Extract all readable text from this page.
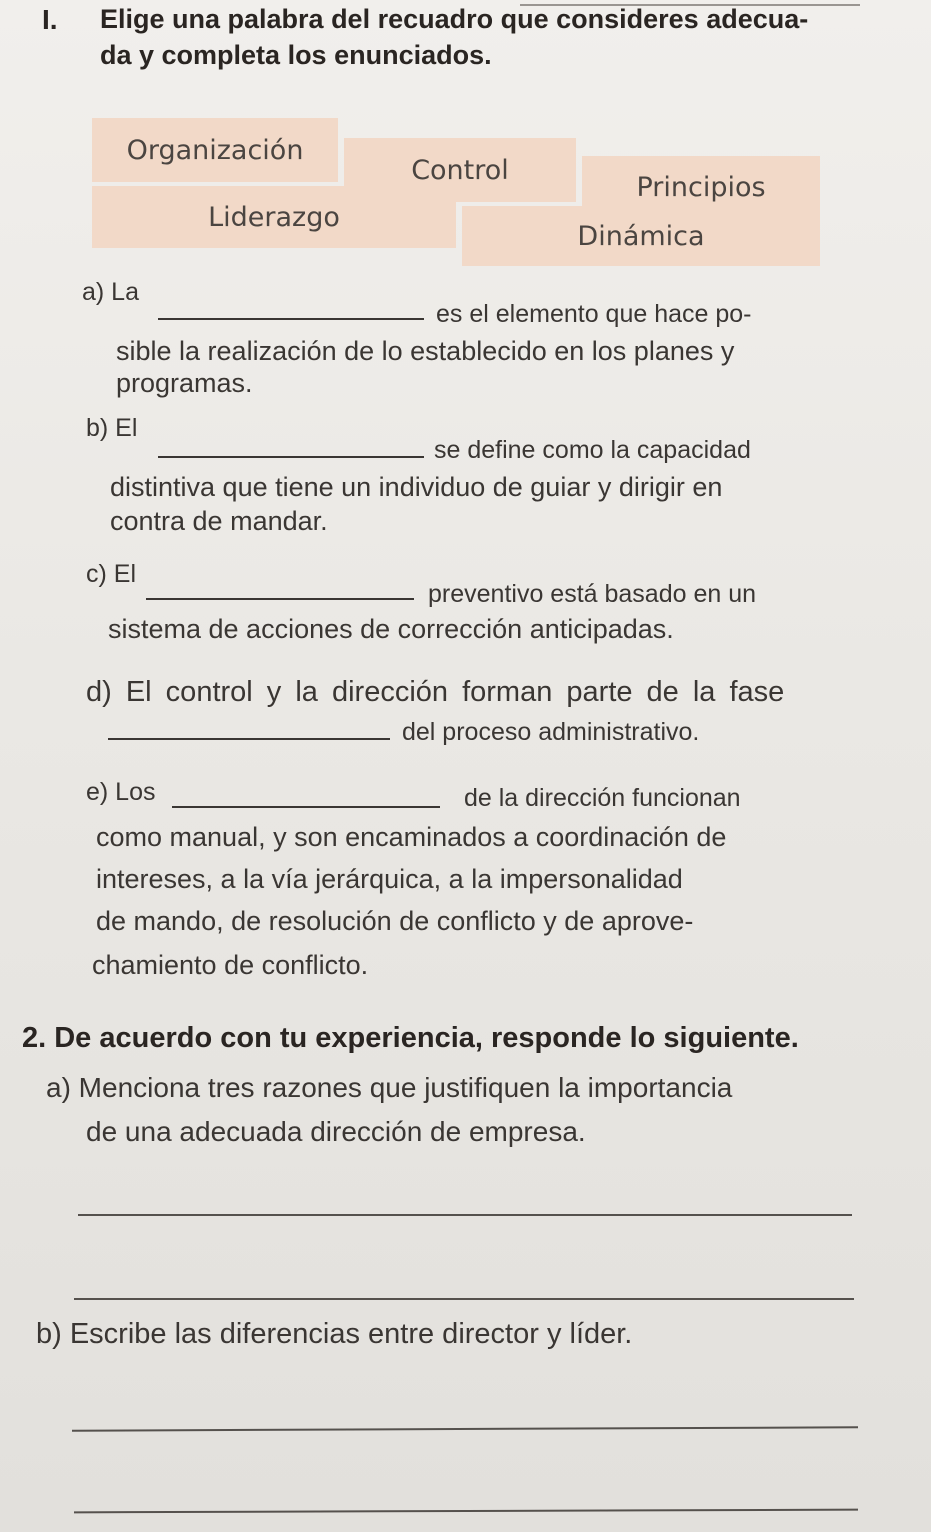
I. Elige una palabra del recuadro que consideres adecua-
da y completa los enunciados.
Organización
Control
Principios
Liderazgo
Dinámica
a) La
es el elemento que hace po-
sible la realización de lo establecido en los planes y
programas.
b) El
se define como la capacidad
distintiva que tiene un individuo de guiar y dirigir en
contra de mandar.
c) El
preventivo está basado en un
sistema de acciones de corrección anticipadas.
d) El control y la dirección forman parte de la fase
del proceso administrativo.
e) Los	de la dirección funcionan
como manual, y son encaminados a coordinación de
intereses, a la vía jerárquica, a la impersonalidad
de mando, de resolución de conflicto y de aprove-
chamiento de conflicto.
2. De acuerdo con tu experiencia, responde lo siguiente.
a) Menciona tres razones que justifiquen la importancia
de una adecuada dirección de empresa.
b) Escribe las diferencias entre director y líder.
